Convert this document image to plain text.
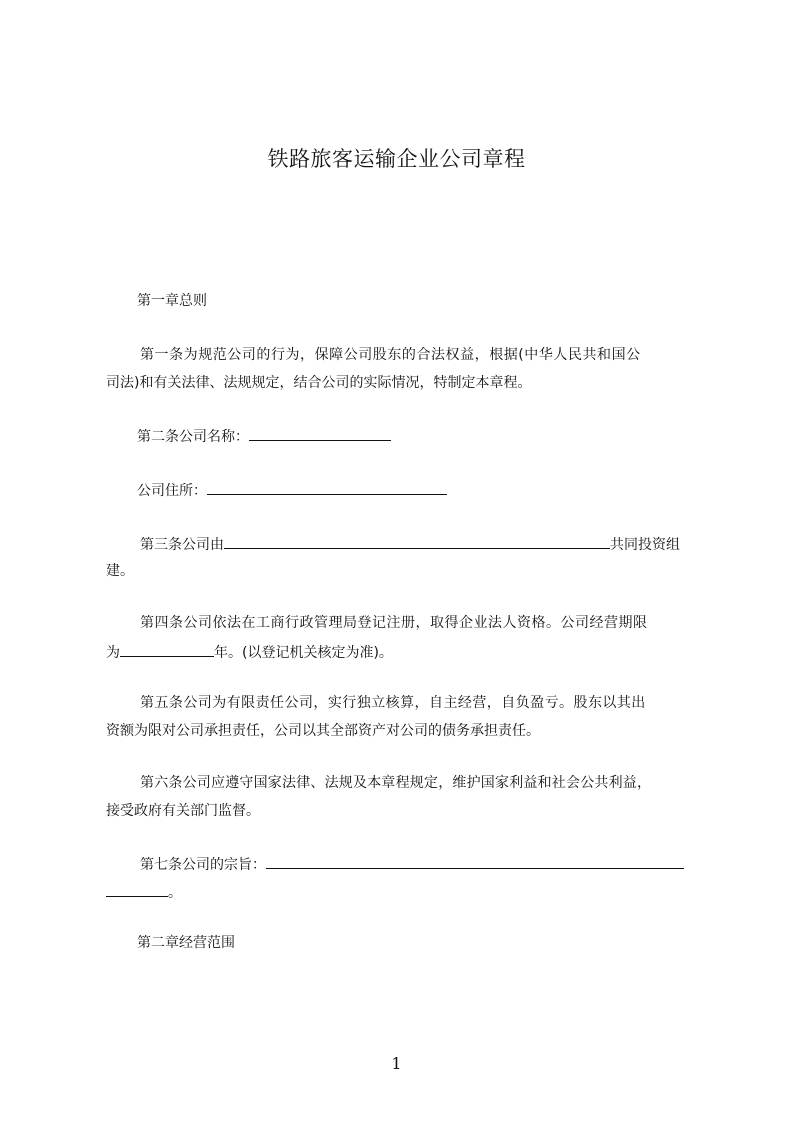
铁路旅客运输企业公司章程
第一章总则
第一条为规范公司的行为，保障公司股东的合法权益，根据(中华人民共和国公
司法)和有关法律、法规规定，结合公司的实际情况，特制定本章程。
第二条公司名称：
公司住所：
第三条公司由	共同投资组
建。
第四条公司依法在工商行政管理局登记注册，取得企业法人资格。公司经营期限
为	年。(以登记机关核定为准)。
第五条公司为有限责任公司，实行独立核算，自主经营，自负盈亏。股东以其出
资额为限对公司承担责任，公司以其全部资产对公司的债务承担责任。
第六条公司应遵守国家法律、法规及本章程规定，维护国家利益和社会公共利益，
接受政府有关部门监督。
第七条公司的宗旨：
。
第二章经营范围
1
